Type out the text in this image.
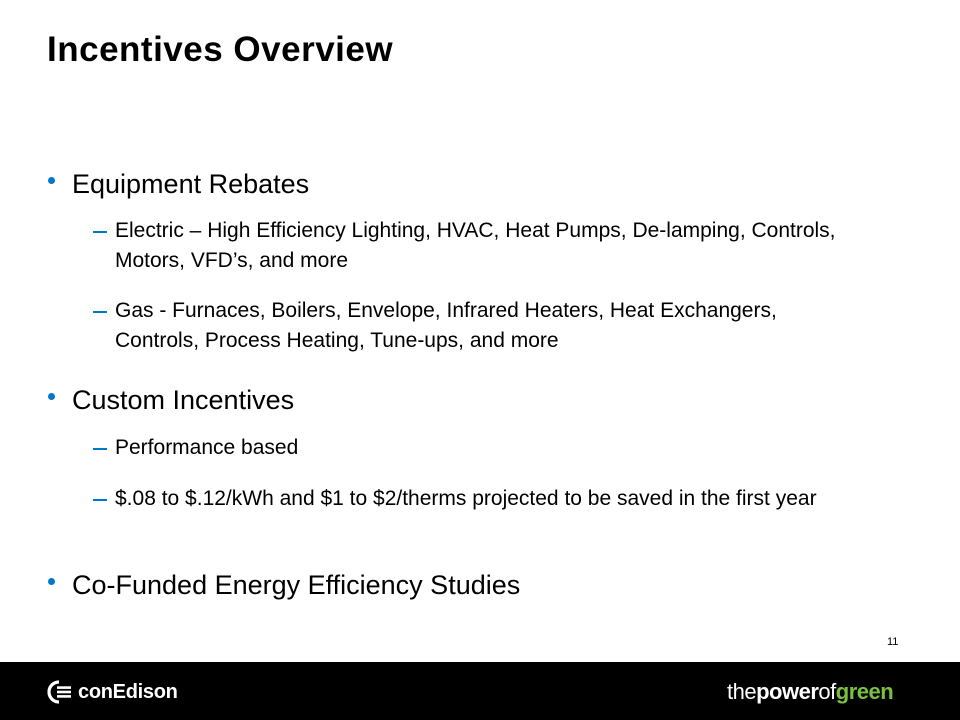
Incentives Overview
Equipment Rebates
Electric – High Efficiency Lighting, HVAC, Heat Pumps, De-lamping, Controls, Motors, VFD’s, and more
Gas - Furnaces, Boilers, Envelope, Infrared Heaters, Heat Exchangers, Controls, Process Heating, Tune-ups, and more
Custom Incentives
Performance based
$.08 to $.12/kWh and $1 to $2/therms projected to be saved in the first year
Co-Funded Energy Efficiency Studies
11
conEdison	the power of green
